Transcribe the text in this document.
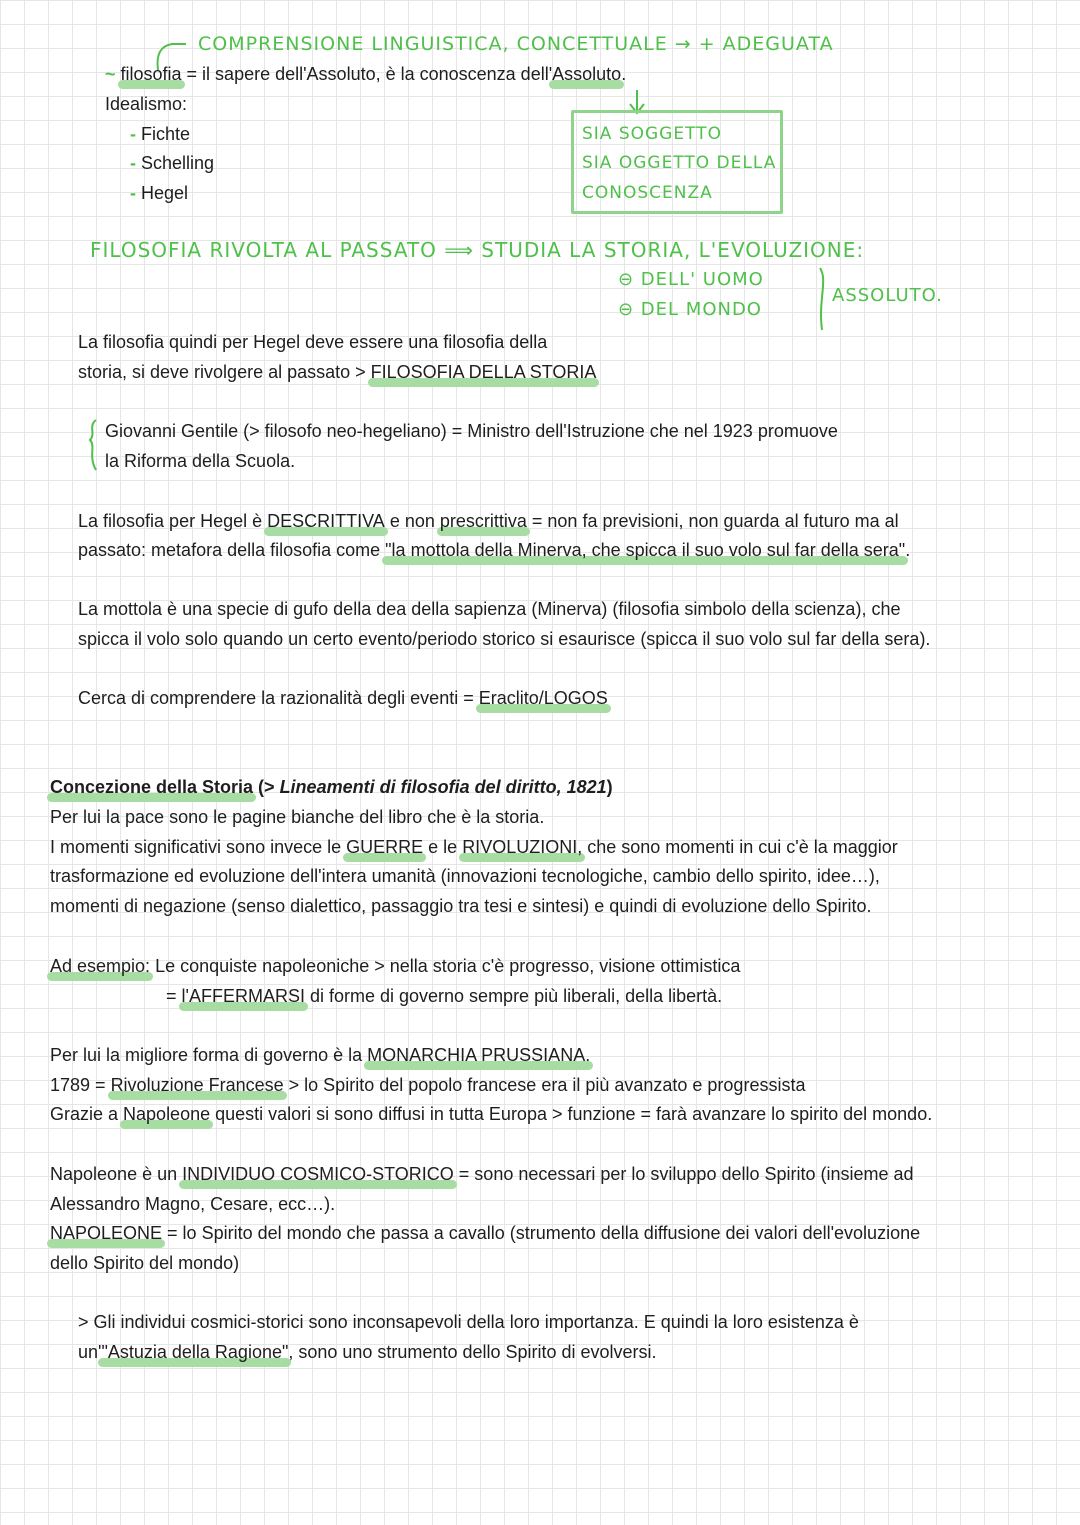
COMPRENSIONE LINGUISTICA, CONCETTUALE → + ADEGUATA
SIA SOGGETTO
SIA OGGETTO DELLA
CONOSCENZA
FILOSOFIA RIVOLTA AL PASSATO ⟹ STUDIA LA STORIA, L'EVOLUZIONE:
⊖ DELL' UOMO
⊖ DEL MONDO
ASSOLUTO.
~ filosofia = il sapere dell'Assoluto, è la conoscenza dell'Assoluto.
Idealismo:
- Fichte
- Schelling
- Hegel
La filosofia quindi per Hegel deve essere una filosofia della
storia, si deve rivolgere al passato > FILOSOFIA DELLA STORIA
Giovanni Gentile (> filosofo neo-hegeliano) = Ministro dell'Istruzione che nel 1923 promuove
la Riforma della Scuola.
La filosofia per Hegel è DESCRITTIVA e non prescrittiva = non fa previsioni, non guarda al futuro ma al
passato: metafora della filosofia come "la mottola della Minerva, che spicca il suo volo sul far della sera".
La mottola è una specie di gufo della dea della sapienza (Minerva) (filosofia simbolo della scienza), che
spicca il volo solo quando un certo evento/periodo storico si esaurisce (spicca il suo volo sul far della sera).
Cerca di comprendere la razionalità degli eventi = Eraclito/LOGOS
Concezione della Storia (> Lineamenti di filosofia del diritto, 1821)
Per lui la pace sono le pagine bianche del libro che è la storia.
I momenti significativi sono invece le GUERRE e le RIVOLUZIONI, che sono momenti in cui c'è la maggior
trasformazione ed evoluzione dell'intera umanità (innovazioni tecnologiche, cambio dello spirito, idee…),
momenti di negazione (senso dialettico, passaggio tra tesi e sintesi) e quindi di evoluzione dello Spirito.
Ad esempio: Le conquiste napoleoniche > nella storia c'è progresso, visione ottimistica
= l'AFFERMARSI di forme di governo sempre più liberali, della libertà.
Per lui la migliore forma di governo è la MONARCHIA PRUSSIANA.
1789 = Rivoluzione Francese > lo Spirito del popolo francese era il più avanzato e progressista
Grazie a Napoleone questi valori si sono diffusi in tutta Europa > funzione = farà avanzare lo spirito del mondo.
Napoleone è un INDIVIDUO COSMICO-STORICO = sono necessari per lo sviluppo dello Spirito (insieme ad
Alessandro Magno, Cesare, ecc…).
NAPOLEONE = lo Spirito del mondo che passa a cavallo (strumento della diffusione dei valori dell'evoluzione
dello Spirito del mondo)
> Gli individui cosmici-storici sono inconsapevoli della loro importanza. E quindi la loro esistenza è
un'"Astuzia della Ragione", sono uno strumento dello Spirito di evolversi.
